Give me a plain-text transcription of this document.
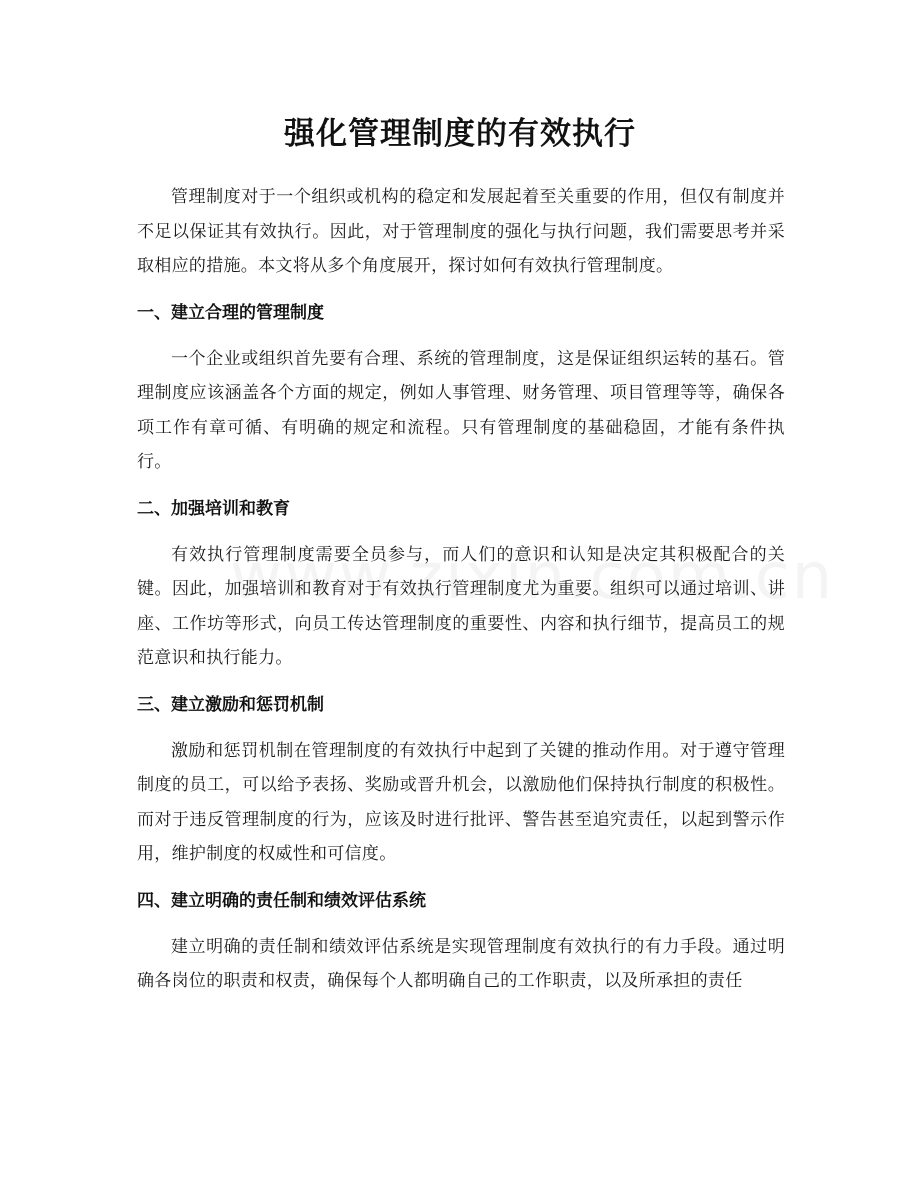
强化管理制度的有效执行

管理制度对于一个组织或机构的稳定和发展起着至关重要的作用，但仅有制度并不足以保证其有效执行。因此，对于管理制度的强化与执行问题，我们需要思考并采取相应的措施。本文将从多个角度展开，探讨如何有效执行管理制度。

一、建立合理的管理制度

一个企业或组织首先要有合理、系统的管理制度，这是保证组织运转的基石。管理制度应该涵盖各个方面的规定，例如人事管理、财务管理、项目管理等等，确保各项工作有章可循、有明确的规定和流程。只有管理制度的基础稳固，才能有条件执行。

二、加强培训和教育

有效执行管理制度需要全员参与，而人们的意识和认知是决定其积极配合的关键。因此，加强培训和教育对于有效执行管理制度尤为重要。组织可以通过培训、讲座、工作坊等形式，向员工传达管理制度的重要性、内容和执行细节，提高员工的规范意识和执行能力。

三、建立激励和惩罚机制

激励和惩罚机制在管理制度的有效执行中起到了关键的推动作用。对于遵守管理制度的员工，可以给予表扬、奖励或晋升机会，以激励他们保持执行制度的积极性。而对于违反管理制度的行为，应该及时进行批评、警告甚至追究责任，以起到警示作用，维护制度的权威性和可信度。

四、建立明确的责任制和绩效评估系统

建立明确的责任制和绩效评估系统是实现管理制度有效执行的有力手段。通过明确各岗位的职责和权责，确保每个人都明确自己的工作职责，以及所承担的责任
